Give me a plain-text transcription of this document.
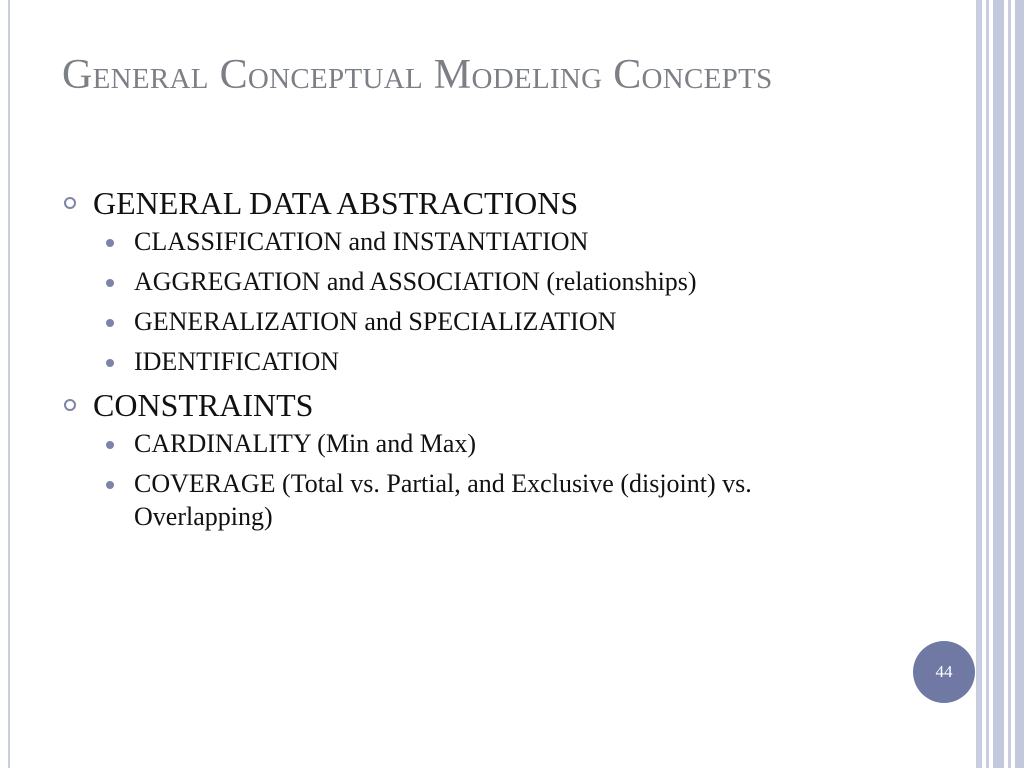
General Conceptual Modeling Concepts
GENERAL DATA ABSTRACTIONS
CLASSIFICATION and INSTANTIATION
AGGREGATION and ASSOCIATION (relationships)
GENERALIZATION and SPECIALIZATION
IDENTIFICATION
CONSTRAINTS
CARDINALITY (Min and Max)
COVERAGE (Total vs. Partial, and Exclusive (disjoint) vs. Overlapping)
44
